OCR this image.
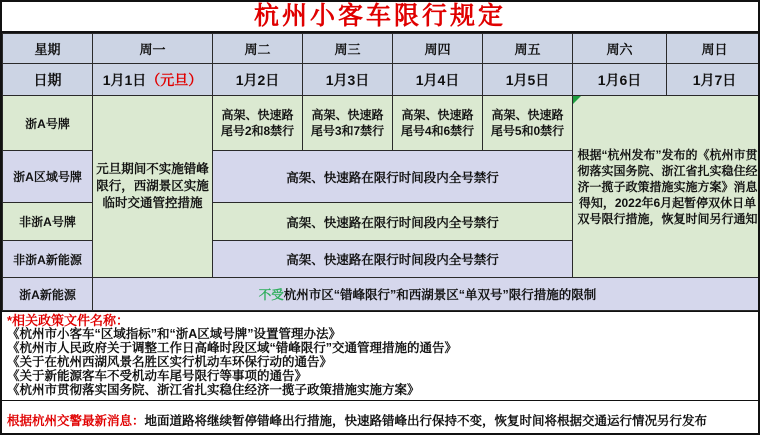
杭州小客车限行规定
星期	周一	周二	周三	周四	周五	周六	周日
日期	1月1日（元旦）	1月2日	1月3日	1月4日	1月5日	1月6日	1月7日
浙A号牌	元旦期间不实施错峰限行，西湖景区实施临时交通管控措施	高架、快速路尾号2和8禁行	高架、快速路尾号3和7禁行	高架、快速路尾号4和6禁行	高架、快速路尾号5和0禁行	根据“杭州发布”发布的《杭州市贯彻落实国务院、浙江省扎实稳住经济一揽子政策措施实施方案》消息得知，2022年6月起暂停双休日单双号限行措施，恢复时间另行通知	
浙A区域号牌		高架、快速路在限行时间段内全号禁行					
非浙A号牌		高架、快速路在限行时间段内全号禁行					
非浙A新能源		高架、快速路在限行时间段内全号禁行					
浙A新能源	不受杭州市区“错峰限行”和西湖景区“单双号”限行措施的限制						
*相关政策文件名称：
《杭州市小客车“区域指标”和“浙A区域号牌”设置管理办法》
《杭州市人民政府关于调整工作日高峰时段区域“错峰限行”交通管理措施的通告》
《关于在杭州西湖风景名胜区实行机动车环保行动的通告》
《关于新能源客车不受机动车尾号限行等事项的通告》
《杭州市贯彻落实国务院、浙江省扎实稳住经济一揽子政策措施实施方案》
根据杭州交警最新消息： 地面道路将继续暂停错峰出行措施，快速路错峰出行保持不变，恢复时间将根据交通运行情况另行发布
